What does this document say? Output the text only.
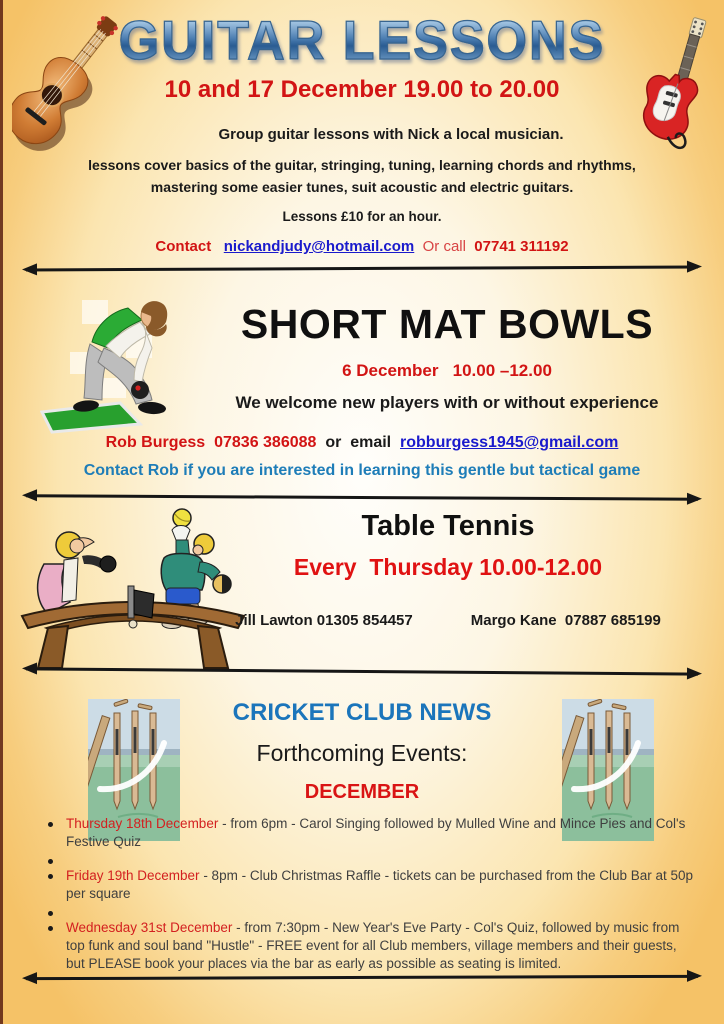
GUITAR LESSONS
10 and 17 December 19.00 to 20.00
Group guitar lessons with Nick a local musician.
lessons cover basics of the guitar, stringing, tuning, learning chords and rhythms,
mastering some easier tunes, suit acoustic and electric guitars.
Lessons £10 for an hour.
Contact nickandjudy@hotmail.com Or call 07741 311192
SHORT MAT BOWLS
6 December   10.00 –12.00
We welcome new players with or without experience
Rob Burgess 07836 386088  or  email  robburgess1945@gmail.com
Contact Rob if you are interested in learning this gentle but tactical game
Table Tennis
Every  Thursday 10.00-12.00
Jill Lawton 01305 854457	Margo Kane  07887 685199
CRICKET CLUB NEWS
Forthcoming Events:
DECEMBER
Thursday 18th December - from 6pm - Carol Singing followed by Mulled Wine and Mince Pies and Col's Festive Quiz
Friday 19th December - 8pm - Club Christmas Raffle - tickets can be purchased from the Club Bar at 50p per square
Wednesday 31st December - from 7:30pm - New Year's Eve Party - Col's Quiz, followed by music from top funk and soul band "Hustle" - FREE event for all Club members, village members and their guests, but PLEASE book your places via the bar as early as possible as seating is limited.
